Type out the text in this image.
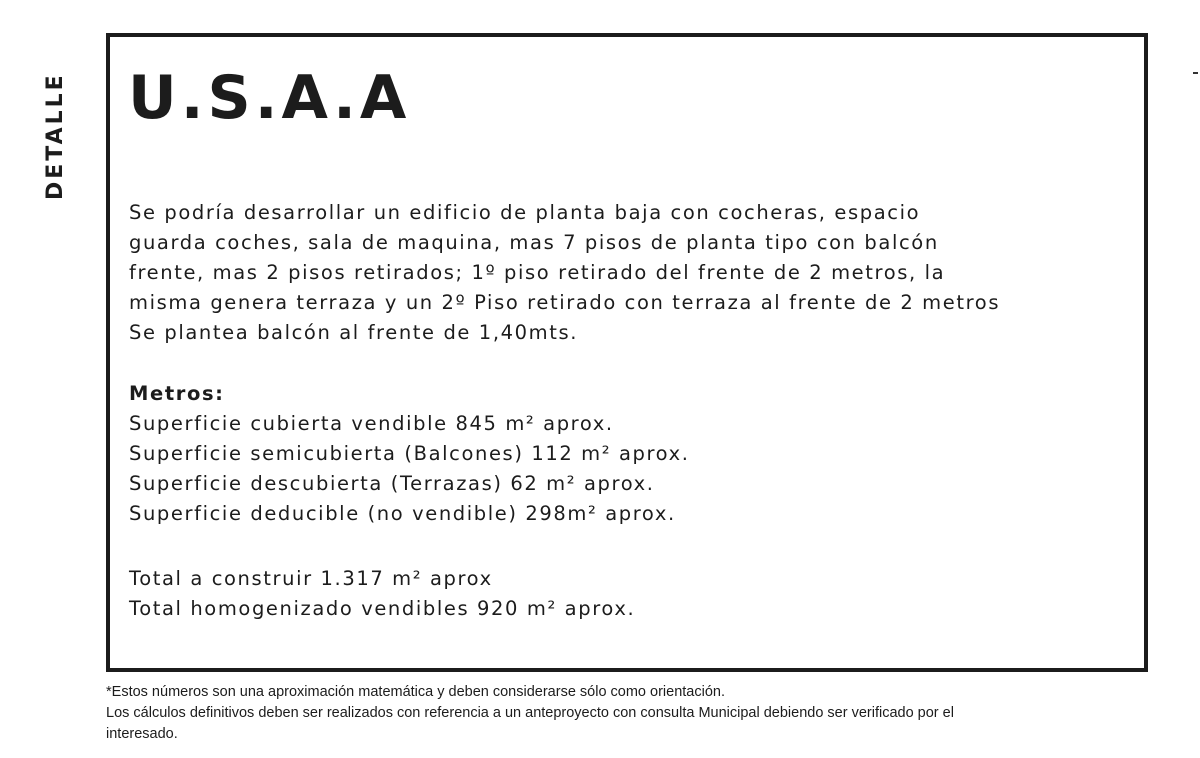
DETALLE U.S.A.A
Se podría desarrollar un edificio de planta baja con cocheras, espacio
guarda coches, sala de maquina, mas 7 pisos de planta tipo con balcón
frente, mas 2 pisos retirados; 1º piso retirado del frente de 2 metros, la
misma genera terraza y un 2º Piso retirado con terraza al frente de 2 metros
Se plantea balcón al frente de 1,40mts.
Metros:
Superficie cubierta vendible 845 m² aprox.
Superficie semicubierta (Balcones) 112 m² aprox.
Superficie descubierta (Terrazas) 62 m² aprox.
Superficie deducible (no vendible) 298m² aprox.
Total a construir 1.317 m² aprox
Total homogenizado vendibles 920 m² aprox.
*Estos números son una aproximación matemática y deben considerarse sólo como orientación.
Los cálculos definitivos deben ser realizados con referencia a un anteproyecto con consulta Municipal debiendo ser verificado por el
interesado.
